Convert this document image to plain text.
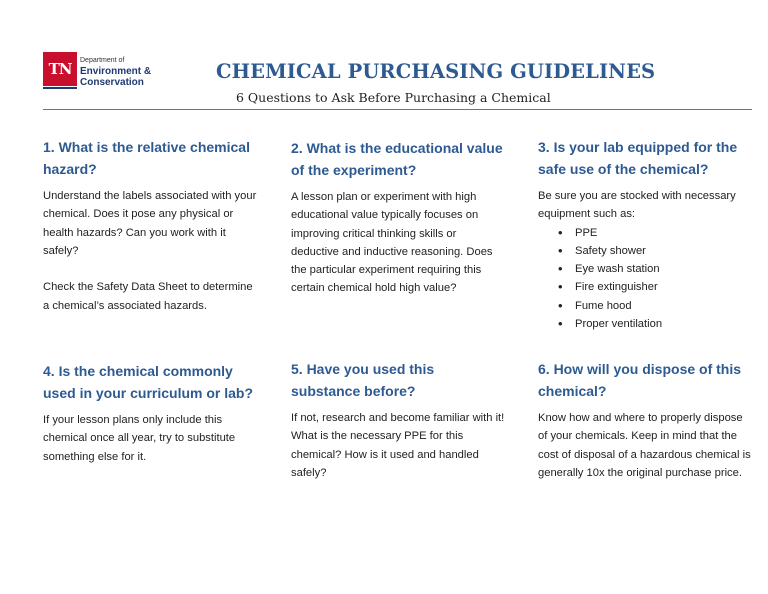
TN	Department of
Environment &
Conservation	CHEMICAL PURCHASING GUIDELINES
6 Questions to Ask Before Purchasing a Chemical
1. What is the relative chemical hazard?

Understand the labels associated with your chemical. Does it pose any physical or health hazards? Can you work with it safely?

Check the Safety Data Sheet to determine a chemical’s associated hazards.

2. What is the educational value of the experiment?

A lesson plan or experiment with high educational value typically focuses on improving critical thinking skills or deductive and inductive reasoning. Does the particular experiment requiring this certain chemical hold high value?

3. Is your lab equipped for the safe use of the chemical?

Be sure you are stocked with necessary equipment such as:

• PPE
• Safety shower
• Eye wash station
• Fire extinguisher
• Fume hood
• Proper ventilation
4. Is the chemical commonly used in your curriculum or lab?

If your lesson plans only include this chemical once all year, try to substitute something else for it.

5. Have you used this substance before?

If not, research and become familiar with it! What is the necessary PPE for this chemical? How is it used and handled safely?

6. How will you dispose of this chemical?

Know how and where to properly dispose of your chemicals. Keep in mind that the cost of disposal of a hazardous chemical is generally 10x the original purchase price.
